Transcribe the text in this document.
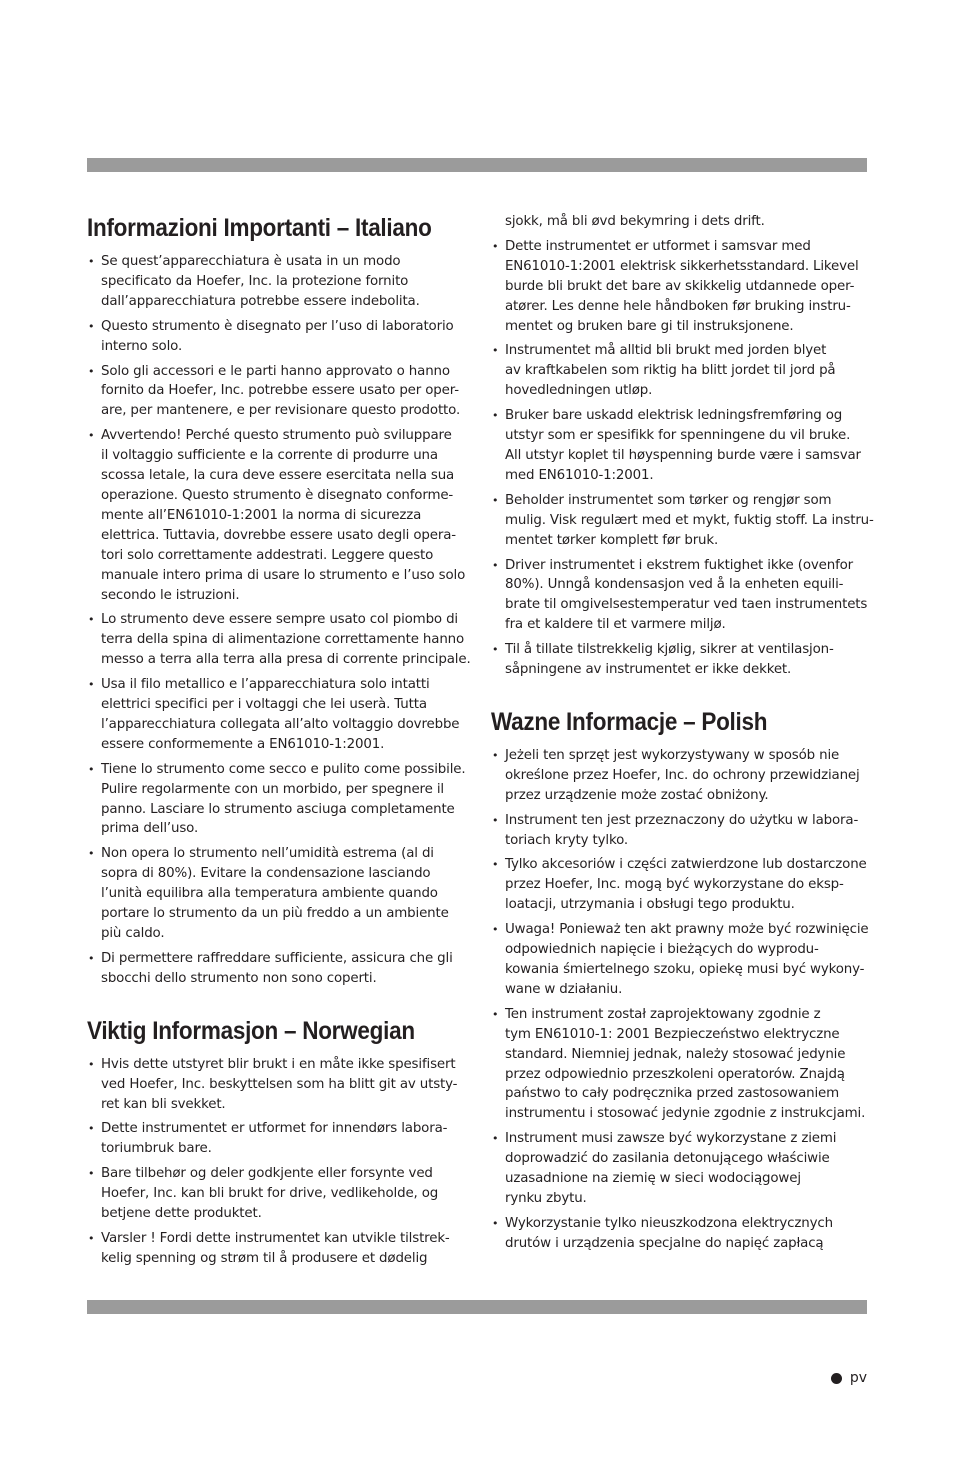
Informazioni Importanti – Italiano
• Se quest’apparecchiatura è usata in un modo
specificato da Hoefer, Inc. la protezione fornito
dall’apparecchiatura potrebbe essere indebolita.
• Questo strumento è disegnato per l’uso di laboratorio
interno solo.
• Solo gli accessori e le parti hanno approvato o hanno
fornito da Hoefer, Inc. potrebbe essere usato per oper-
are, per mantenere, e per revisionare questo prodotto.
• Avvertendo! Perché questo strumento può sviluppare
il voltaggio sufficiente e la corrente di produrre una
scossa letale, la cura deve essere esercitata nella sua
operazione. Questo strumento è disegnato conforme-
mente all’EN61010-1:2001 la norma di sicurezza
elettrica. Tuttavia, dovrebbe essere usato degli opera-
tori solo correttamente addestrati. Leggere questo
manuale intero prima di usare lo strumento e l’uso solo
secondo le istruzioni.
• Lo strumento deve essere sempre usato col piombo di
terra della spina di alimentazione correttamente hanno
messo a terra alla terra alla presa di corrente principale.
• Usa il filo metallico e l’apparecchiatura solo intatti
elettrici specifici per i voltaggi che lei userà. Tutta
l’apparecchiatura collegata all’alto voltaggio dovrebbe
essere conformemente a EN61010-1:2001.
• Tiene lo strumento come secco e pulito come possibile.
Pulire regolarmente con un morbido, per spegnere il
panno. Lasciare lo strumento asciuga completamente
prima dell’uso.
• Non opera lo strumento nell’umidità estrema (al di
sopra di 80%). Evitare la condensazione lasciando
l’unità equilibra alla temperatura ambiente quando
portare lo strumento da un più freddo a un ambiente
più caldo.
• Di permettere raffreddare sufficiente, assicura che gli
sbocchi dello strumento non sono coperti.
Viktig Informasjon – Norwegian
• Hvis dette utstyret blir brukt i en måte ikke spesifisert
ved Hoefer, Inc. beskyttelsen som ha blitt git av utsty-
ret kan bli svekket.
• Dette instrumentet er utformet for innendørs labora-
toriumbruk bare.
• Bare tilbehør og deler godkjente eller forsynte ved
Hoefer, Inc. kan bli brukt for drive, vedlikeholde, og
betjene dette produktet.
• Varsler ! Fordi dette instrumentet kan utvikle tilstrek-
kelig spenning og strøm til å produsere et dødelig
sjokk, må bli øvd bekymring i dets drift.
• Dette instrumentet er utformet i samsvar med
EN61010-1:2001 elektrisk sikkerhetsstandard. Likevel
burde bli brukt det bare av skikkelig utdannede oper-
atører. Les denne hele håndboken før bruking instru-
mentet og bruken bare gi til instruksjonene.
• Instrumentet må alltid bli brukt med jorden blyet
av kraftkabelen som riktig ha blitt jordet til jord på
hovedledningen utløp.
• Bruker bare uskadd elektrisk ledningsfremføring og
utstyr som er spesifikk for spenningene du vil bruke.
All utstyr koplet til høyspenning burde være i samsvar
med EN61010-1:2001.
• Beholder instrumentet som tørker og rengjør som
mulig. Visk regulært med et mykt, fuktig stoff. La instru-
mentet tørker komplett før bruk.
• Driver instrumentet i ekstrem fuktighet ikke (ovenfor
80%). Unngå kondensasjon ved å la enheten equili-
brate til omgivelsestemperatur ved taen instrumentets
fra et kaldere til et varmere miljø.
• Til å tillate tilstrekkelig kjølig, sikrer at ventilasjon-
såpningene av instrumentet er ikke dekket.
Wazne Informacje – Polish
• Jeżeli ten sprzęt jest wykorzystywany w sposób nie
określone przez Hoefer, Inc. do ochrony przewidzianej
przez urządzenie może zostać obniżony.
• Instrument ten jest przeznaczony do użytku w labora-
toriach kryty tylko.
• Tylko akcesoriów i części zatwierdzone lub dostarczone
przez Hoefer, Inc. mogą być wykorzystane do eksp-
loatacji, utrzymania i obsługi tego produktu.
• Uwaga! Ponieważ ten akt prawny może być rozwinięcie
odpowiednich napięcie i bieżących do wyprodu-
kowania śmiertelnego szoku, opiekę musi być wykony-
wane w działaniu.
• Ten instrument został zaprojektowany zgodnie z
tym EN61010-1: 2001 Bezpieczeństwo elektryczne
standard. Niemniej jednak, należy stosować jedynie
przez odpowiednio przeszkoleni operatorów. Znajdą
państwo to cały podręcznika przed zastosowaniem
instrumentu i stosować jedynie zgodnie z instrukcjami.
• Instrument musi zawsze być wykorzystane z ziemi
doprowadzić do zasilania detonującego właściwie
uzasadnione na ziemię w sieci wodociągowej
rynku zbytu.
• Wykorzystanie tylko nieuszkodzona elektrycznych
drutów i urządzenia specjalne do napięć zapłacą
pv
